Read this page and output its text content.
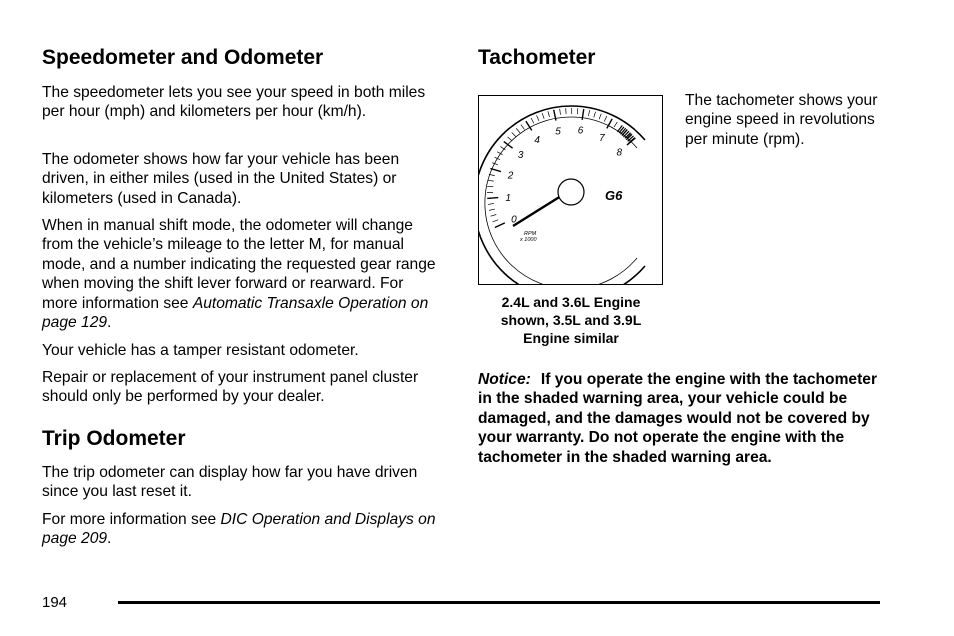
Speedometer and Odometer

The speedometer lets you see your speed in both miles per hour (mph) and kilometers per hour (km/h).

The odometer shows how far your vehicle has been driven, in either miles (used in the United States) or kilometers (used in Canada).

When in manual shift mode, the odometer will change from the vehicle’s mileage to the letter M, for manual mode, and a number indicating the requested gear range when moving the shift lever forward or rearward. For more information see Automatic Transaxle Operation on page 129.

Your vehicle has a tamper resistant odometer.

Repair or replacement of your instrument panel cluster should only be performed by your dealer.

Trip Odometer

The trip odometer can display how far you have driven since you last reset it.

For more information see DIC Operation and Displays on page 209.

Tachometer
0
1
2
3
4
5 6
7
8
G6
RPM
x 1000
2.4L and 3.6L Engine shown, 3.5L and 3.9L Engine similar
The tachometer shows your engine speed in revolutions per minute (rpm).
Notice: If you operate the engine with the tachometer in the shaded warning area, your vehicle could be damaged, and the damages would not be covered by your warranty. Do not operate the engine with the tachometer in the shaded warning area.
194
